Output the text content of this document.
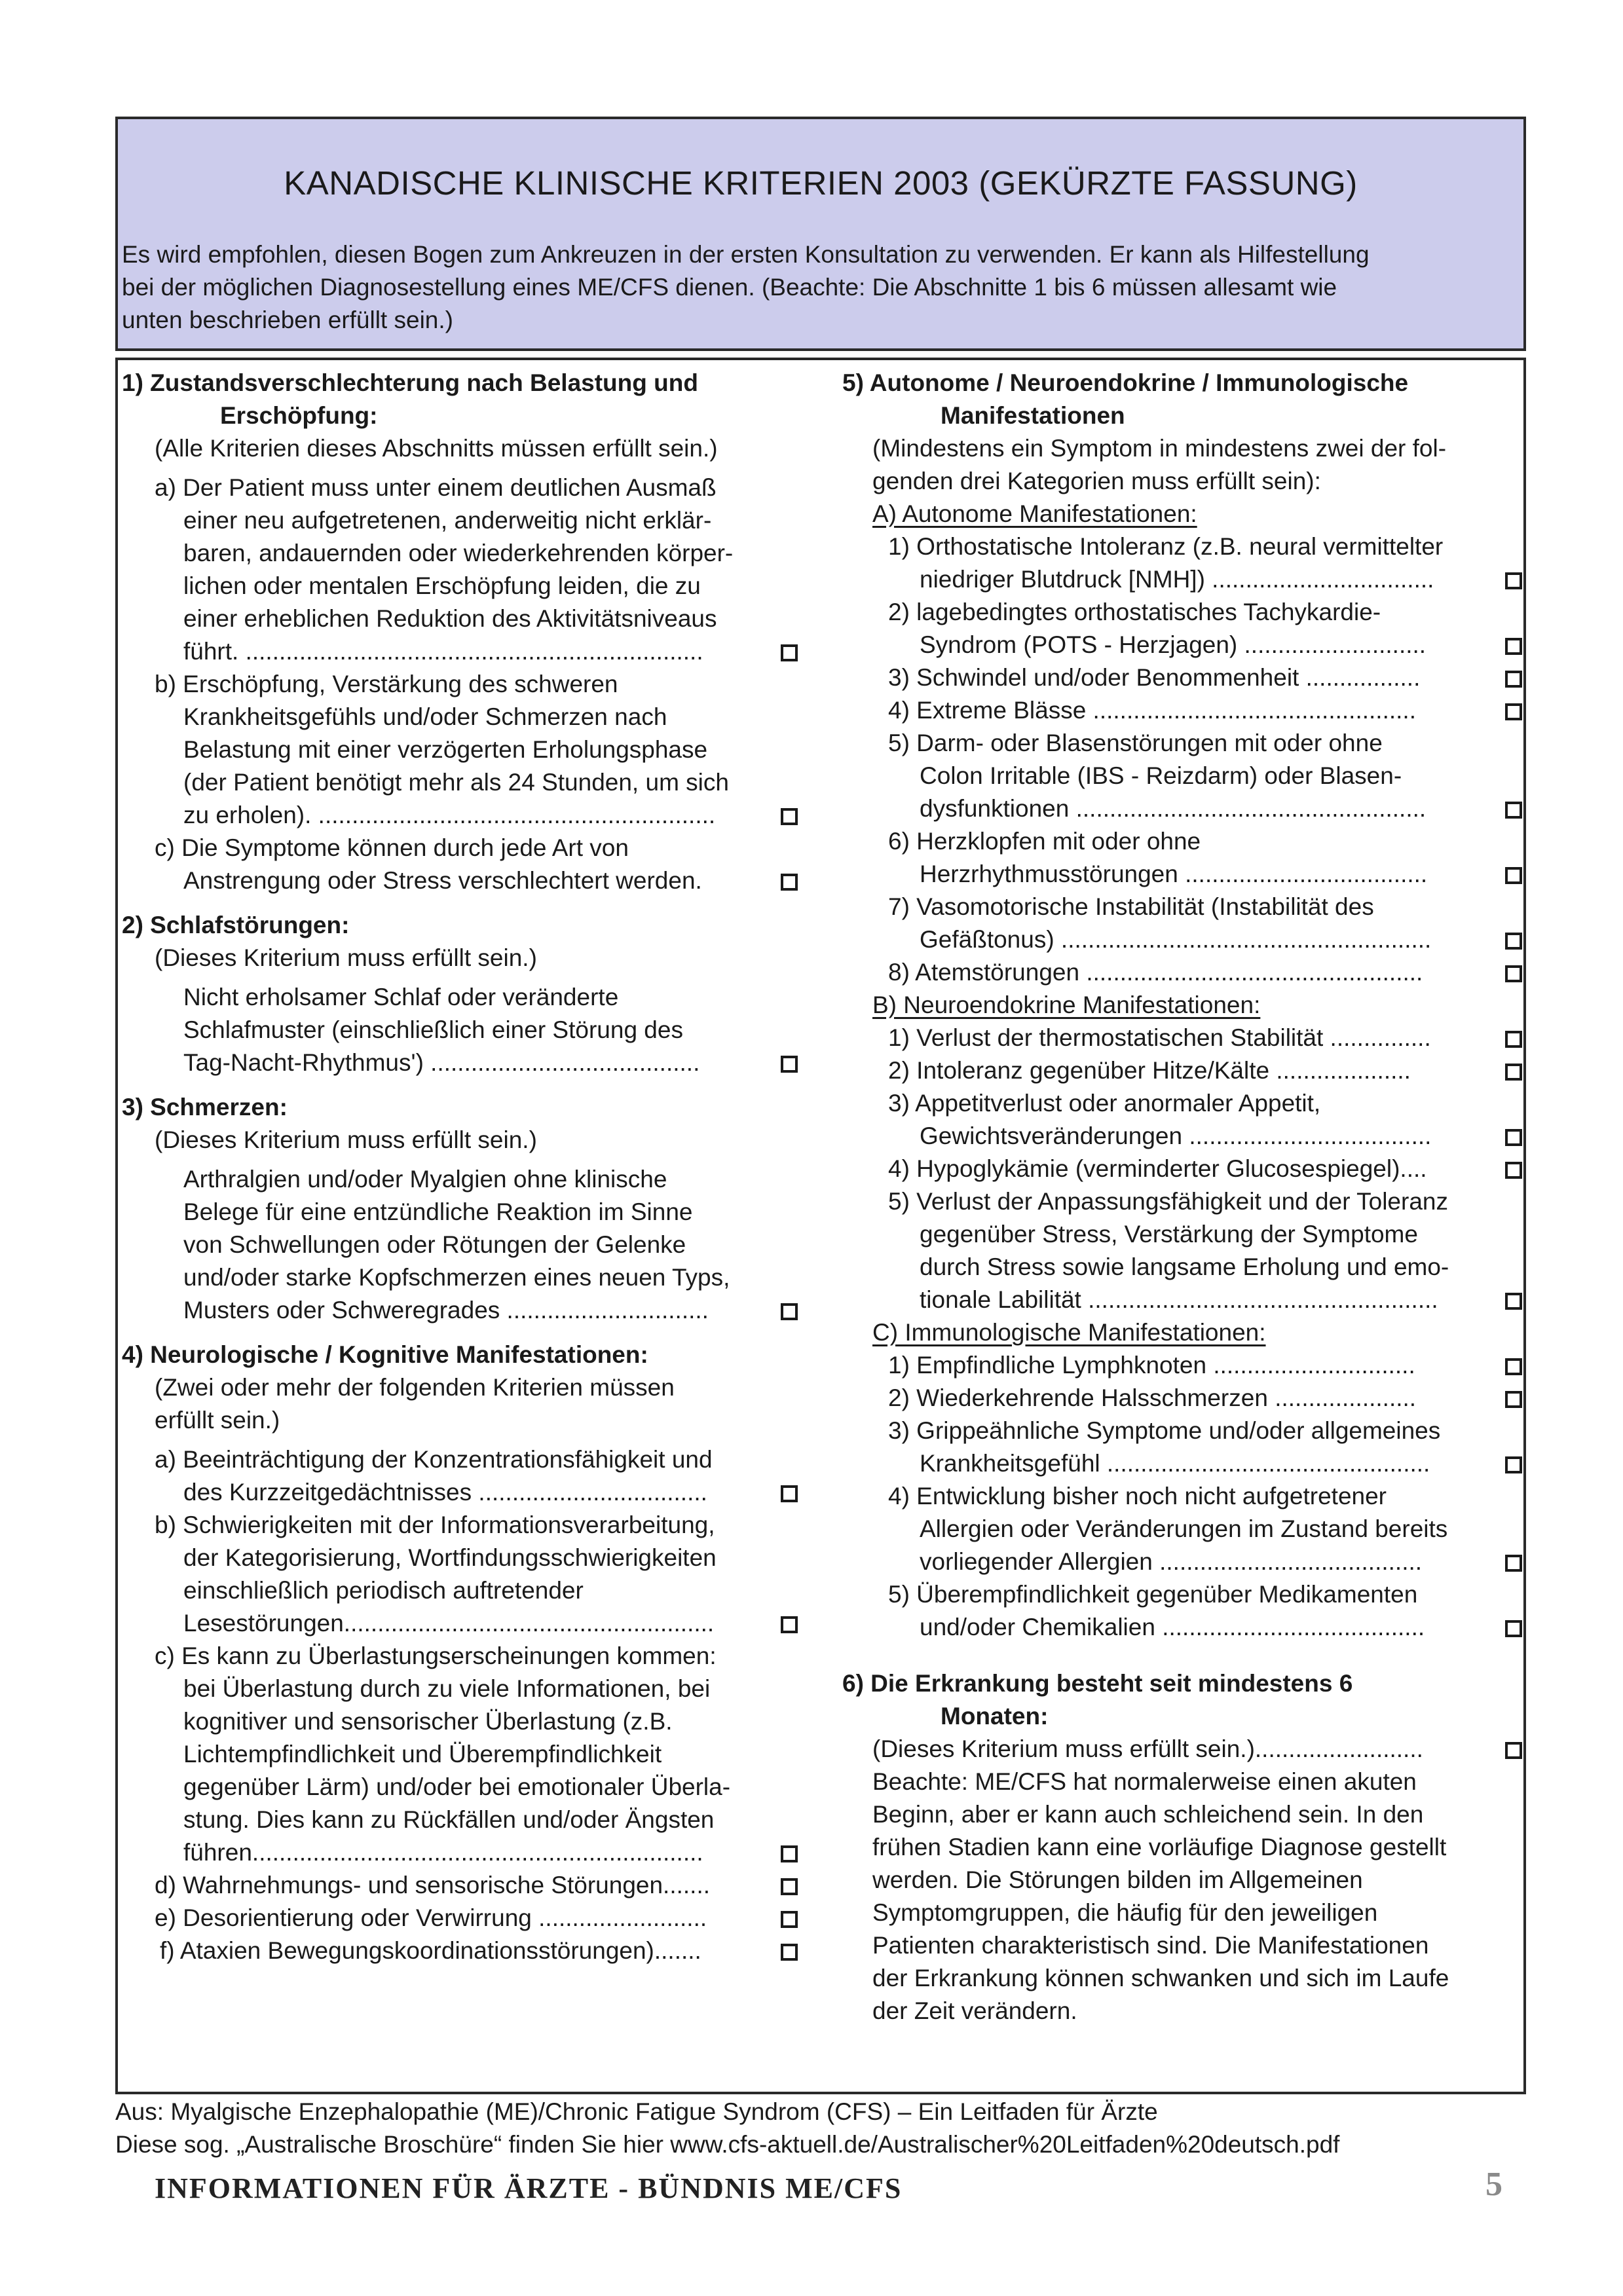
KANADISCHE KLINISCHE KRITERIEN 2003 (GEKÜRZTE FASSUNG)
Es wird empfohlen, diesen Bogen zum Ankreuzen in der ersten Konsultation zu verwenden. Er kann als Hilfestellung
bei der möglichen Diagnosestellung eines ME/CFS dienen. (Beachte: Die Abschnitte 1 bis 6 müssen allesamt wie
unten beschrieben erfüllt sein.)
1) Zustandsverschlechterung nach Belastung und
Erschöpfung:
(Alle Kriterien dieses Abschnitts müssen erfüllt sein.)
a) Der Patient muss unter einem deutlichen Ausmaß
einer neu aufgetretenen, anderweitig nicht erklär-
baren, andauernden oder wiederkehrenden körper-
lichen oder mentalen Erschöpfung leiden, die zu
einer erheblichen Reduktion des Aktivitätsniveaus
führt. ....................................................................
b) Erschöpfung, Verstärkung des schweren
Krankheitsgefühls und/oder Schmerzen nach
Belastung mit einer verzögerten Erholungsphase
(der Patient benötigt mehr als 24 Stunden, um sich
zu erholen). ...........................................................
c) Die Symptome können durch jede Art von
Anstrengung oder Stress verschlechtert werden.
2) Schlafstörungen:
(Dieses Kriterium muss erfüllt sein.)
Nicht erholsamer Schlaf oder veränderte
Schlafmuster (einschließlich einer Störung des
Tag-Nacht-Rhythmus') ........................................
3) Schmerzen:
(Dieses Kriterium muss erfüllt sein.)
Arthralgien und/oder Myalgien ohne klinische
Belege für eine entzündliche Reaktion im Sinne
von Schwellungen oder Rötungen der Gelenke
und/oder starke Kopfschmerzen eines neuen Typs,
Musters oder Schweregrades ..............................
4) Neurologische / Kognitive Manifestationen:
(Zwei oder mehr der folgenden Kriterien müssen
erfüllt sein.)
a) Beeinträchtigung der Konzentrationsfähigkeit und
des Kurzzeitgedächtnisses ..................................
b) Schwierigkeiten mit der Informationsverarbeitung,
der Kategorisierung, Wortfindungsschwierigkeiten
einschließlich periodisch auftretender
Lesestörungen.......................................................
c) Es kann zu Überlastungserscheinungen kommen:
bei Überlastung durch zu viele Informationen, bei
kognitiver und sensorischer Überlastung (z.B.
Lichtempfindlichkeit und Überempfindlichkeit
gegenüber Lärm) und/oder bei emotionaler Überla-
stung. Dies kann zu Rückfällen und/oder Ängsten
führen...................................................................
d) Wahrnehmungs- und sensorische Störungen.......
e) Desorientierung oder Verwirrung .........................
f) Ataxien Bewegungskoordinationsstörungen).......
5) Autonome / Neuroendokrine / Immunologische
Manifestationen
(Mindestens ein Symptom in mindestens zwei der fol-
genden drei Kategorien muss erfüllt sein):
A) Autonome Manifestationen:
1) Orthostatische Intoleranz (z.B. neural vermittelter
niedriger Blutdruck [NMH]) .................................
2) lagebedingtes orthostatisches Tachykardie-
Syndrom (POTS - Herzjagen) ...........................
3) Schwindel und/oder Benommenheit .................
4) Extreme Blässe ................................................
5) Darm- oder Blasenstörungen mit oder ohne
Colon Irritable (IBS - Reizdarm) oder Blasen-
dysfunktionen ....................................................
6) Herzklopfen mit oder ohne
Herzrhythmusstörungen ....................................
7) Vasomotorische Instabilität (Instabilität des
Gefäßtonus) .......................................................
8) Atemstörungen ..................................................
B) Neuroendokrine Manifestationen:
1) Verlust der thermostatischen Stabilität ...............
2) Intoleranz gegenüber Hitze/Kälte ....................
3) Appetitverlust oder anormaler Appetit,
Gewichtsveränderungen ....................................
4) Hypoglykämie (verminderter Glucosespiegel)....
5) Verlust der Anpassungsfähigkeit und der Toleranz
gegenüber Stress, Verstärkung der Symptome
durch Stress sowie langsame Erholung und emo-
tionale Labilität ....................................................
C) Immunologische Manifestationen:
1) Empfindliche Lymphknoten ..............................
2) Wiederkehrende Halsschmerzen .....................
3) Grippeähnliche Symptome und/oder allgemeines
Krankheitsgefühl ................................................
4) Entwicklung bisher noch nicht aufgetretener
Allergien oder Veränderungen im Zustand bereits
vorliegender Allergien .......................................
5) Überempfindlichkeit gegenüber Medikamenten
und/oder Chemikalien .......................................
6) Die Erkrankung besteht seit mindestens 6
Monaten:
(Dieses Kriterium muss erfüllt sein.).........................
Beachte: ME/CFS hat normalerweise einen akuten
Beginn, aber er kann auch schleichend sein. In den
frühen Stadien kann eine vorläufige Diagnose gestellt
werden. Die Störungen bilden im Allgemeinen
Symptomgruppen, die häufig für den jeweiligen
Patienten charakteristisch sind. Die Manifestationen
der Erkrankung können schwanken und sich im Laufe
der Zeit verändern.
Aus: Myalgische Enzephalopathie (ME)/Chronic Fatigue Syndrom (CFS) – Ein Leitfaden für Ärzte
Diese sog. „Australische Broschüre“ finden Sie hier www.cfs-aktuell.de/Australischer%20Leitfaden%20deutsch.pdf
INFORMATIONEN FÜR ÄRZTE - BÜNDNIS ME/CFS	5
